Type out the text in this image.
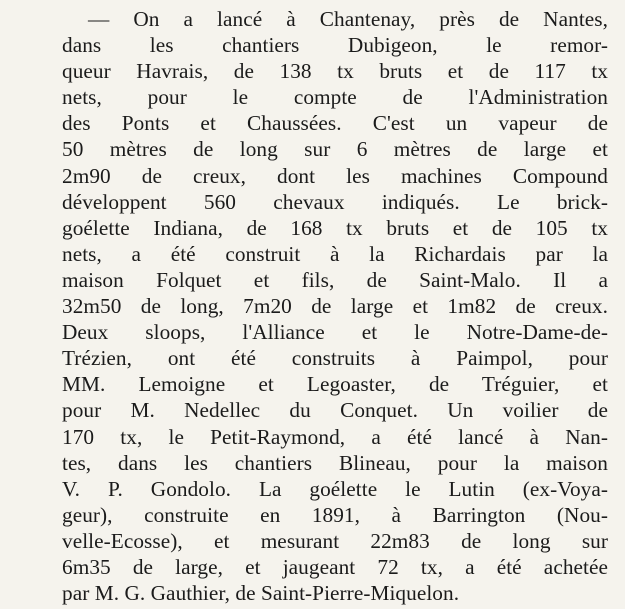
— On a lancé à Chantenay, près de Nantes,
dans les chantiers Dubigeon, le remor-
queur Havrais, de 138 tx bruts et de 117 tx
nets, pour le compte de l'Administration
des Ponts et Chaussées. C'est un vapeur de
50 mètres de long sur 6 mètres de large et
2m90 de creux, dont les machines Compound
développent 560 chevaux indiqués. Le brick-
goélette Indiana, de 168 tx bruts et de 105 tx
nets, a été construit à la Richardais par la
maison Folquet et fils, de Saint-Malo. Il a
32m50 de long, 7m20 de large et 1m82 de creux.
Deux sloops, l'Alliance et le Notre-Dame-de-
Trézien, ont été construits à Paimpol, pour
MM. Lemoigne et Legoaster, de Tréguier, et
pour M. Nedellec du Conquet. Un voilier de
170 tx, le Petit-Raymond, a été lancé à Nan-
tes, dans les chantiers Blineau, pour la maison
V. P. Gondolo. La goélette le Lutin (ex-Voya-
geur), construite en 1891, à Barrington (Nou-
velle-Ecosse), et mesurant 22m83 de long sur
6m35 de large, et jaugeant 72 tx, a été achetée
par M. G. Gauthier, de Saint-Pierre-Miquelon.
